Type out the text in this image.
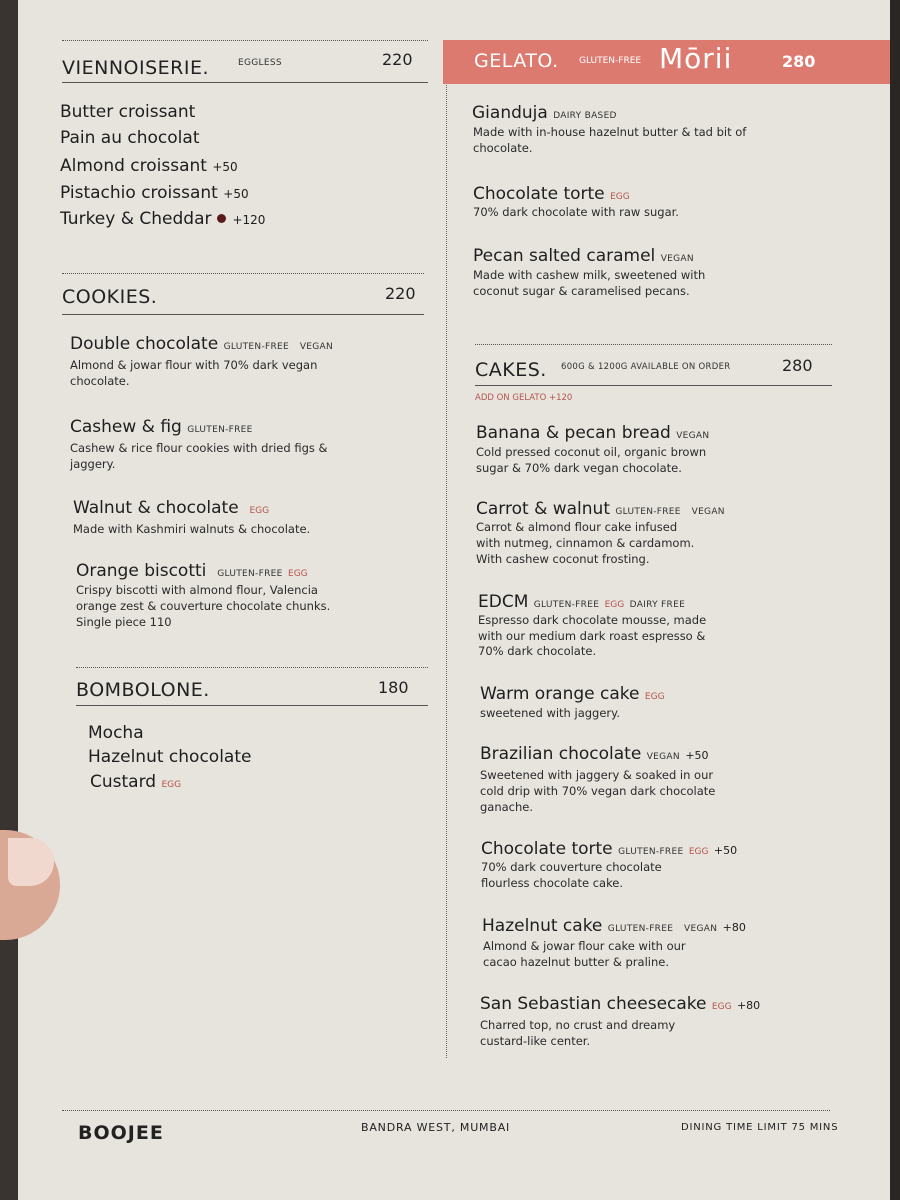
VIENNOISERIE.	EGGLESS	220
Butter croissant
Pain au chocolat
Almond croissant +50
Pistachio croissant +50
Turkey & Cheddar +120
COOKIES.	220
Double chocolate GLUTEN-FREE VEGAN
Almond & jowar flour with 70% dark vegan
chocolate.
Cashew & fig GLUTEN-FREE
Cashew & rice flour cookies with dried figs &
jaggery.
Walnut & chocolate EGG
Made with Kashmiri walnuts & chocolate.
Orange biscotti GLUTEN-FREE EGG
Crispy biscotti with almond flour, Valencia
orange zest & couverture chocolate chunks.
Single piece 110
BOMBOLONE.	180
Mocha
Hazelnut chocolate
Custard EGG
GELATO. GLUTEN-FREE Mōrii	280
Gianduja DAIRY BASED
Made with in-house hazelnut butter & tad bit of
chocolate.
Chocolate torte EGG
70% dark chocolate with raw sugar.
Pecan salted caramel VEGAN
Made with cashew milk, sweetened with
coconut sugar & caramelised pecans.
CAKES. 600G & 1200G AVAILABLE ON ORDER	280
ADD ON GELATO +120
Banana & pecan bread VEGAN
Cold pressed coconut oil, organic brown
sugar & 70% dark vegan chocolate.
Carrot & walnut GLUTEN-FREE VEGAN
Carrot & almond flour cake infused
with nutmeg, cinnamon & cardamom.
With cashew coconut frosting.
EDCM GLUTEN-FREE EGG DAIRY FREE
Espresso dark chocolate mousse, made
with our medium dark roast espresso &
70% dark chocolate.
Warm orange cake EGG
sweetened with jaggery.
Brazilian chocolate VEGAN +50
Sweetened with jaggery & soaked in our
cold drip with 70% vegan dark chocolate
ganache.
Chocolate torte GLUTEN-FREE EGG +50
70% dark couverture chocolate
flourless chocolate cake.
Hazelnut cake GLUTEN-FREE VEGAN +80
Almond & jowar flour cake with our
cacao hazelnut butter & praline.
San Sebastian cheesecake EGG +80
Charred top, no crust and dreamy
custard-like center.
BOOJEE	BANDRA WEST, MUMBAI	DINING TIME LIMIT 75 MINS
